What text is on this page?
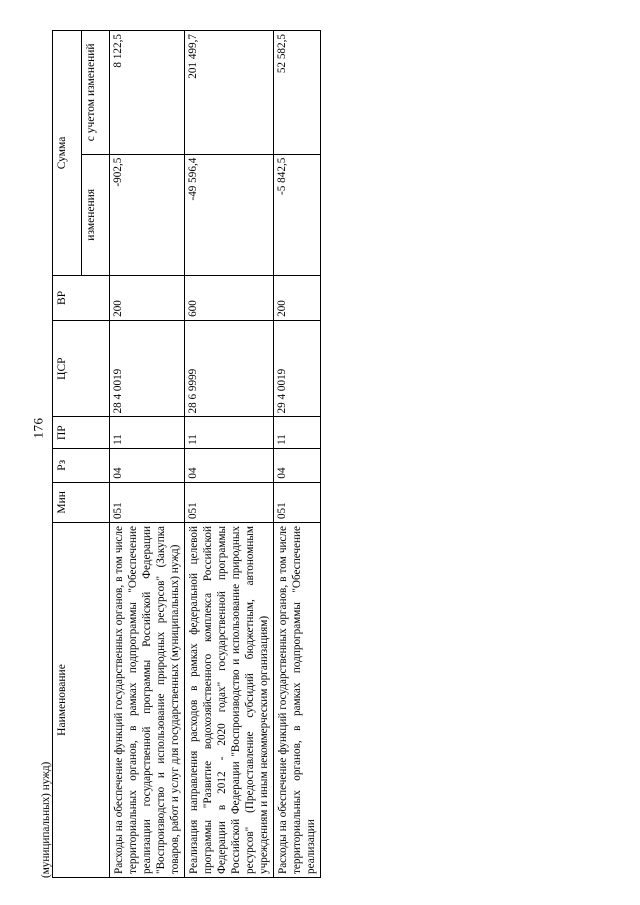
176
(муниципальных) нужд)
Наименование	Мин	Рз	ПР	ЦСР	ВР	Сумма	
						изменения	с учетом изменений
Расходы на обеспечение функций государственных органов, в том числе территориальных органов, в рамках подпрограммы "Обеспечение реализации государственной программы Российской Федерации "Воспроизводство и использование природных ресурсов" (Закупка товаров, работ и услуг для государственных (муниципальных) нужд)	051	04	11	28 4 0019	200	-902,5	8 122,5
Реализация направления расходов в рамках федеральной целевой программы "Развитие водохозяйственного комплекса Российской Федерации в 2012 - 2020 годах" государственной программы Российской Федерации "Воспроизводство и использование природных ресурсов" (Предоставление субсидий бюджетным, автономным учреждениям и иным некоммерческим организациям)	051	04	11	28 6 9999	600	-49 596,4	201 499,7
Расходы на обеспечение функций государственных органов, в том числе территориальных органов, в рамках подпрограммы "Обеспечение реализации	051	04	11	29 4 0019	200	-5 842,5	52 582,5
